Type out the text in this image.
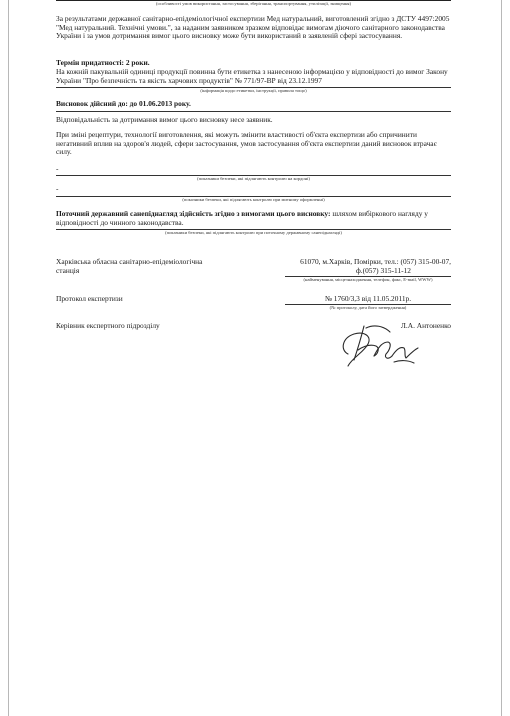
(особливості умов використання, застосування, зберігання, транспортування, утилізації, знищення)

За результатами державної санітарно-епідеміологічної експертизи Мед натуральний, виготовлений згідно з ДСТУ 4497:2005 "Мед натуральний. Технічні умови.", за наданим заявником зразком відповідає вимогам діючого санітарного законодавства України і за умов дотримання вимог цього висновку може бути використаний в заявленій сфері застосування.

Термін придатності: 2 роки.

На кожній пакувальній одиниці продукції повинна бути етикетка з нанесеною інформацією у відповідності до вимог Закону України "Про безпечність та якість харчових продуктів" № 771/97-ВР від 23.12.1997

(інформація щодо етикетки, інструкції, правила тощо)

Висновок дійсний до: до 01.06.2013 року.

Відповідальність за дотримання вимог цього висновку несе заявник.

При зміні рецептури, технології виготовлення, які можуть змінити властивості об'єкта експертизи або спричинити негативний вплив на здоров'я людей, сфери застосування, умов застосування об'єкта експертизи даний висновок втрачає силу.

-

(показники безпеки, які підлягають контролю на кордоні)

-

(показники безпеки, які підлягають контролю при митному оформленні)

Поточний державний санепіднагляд зідйсність згідно з вимогами цього висновку: шляхом вибіркового нагляду у відповідності до чинного законодавства.

(показники безпеки, які підлягають контролю при поточному державному санепіднагляді)

Харківська обласна санітарно-епідеміологічна станція

61070, м.Харків, Помірки, тел.: (057) 315-00-07,

ф.(057) 315-11-12

(найменування, місцезнаходження, телефон, факс, E-mail, WWW)

Протокол експертизи	№ 1760/3,3 від 11.05.2011р.

(№ протоколу, дата його затвердження)

Керівник експертного підрозділу	Л.А. Антоненко
